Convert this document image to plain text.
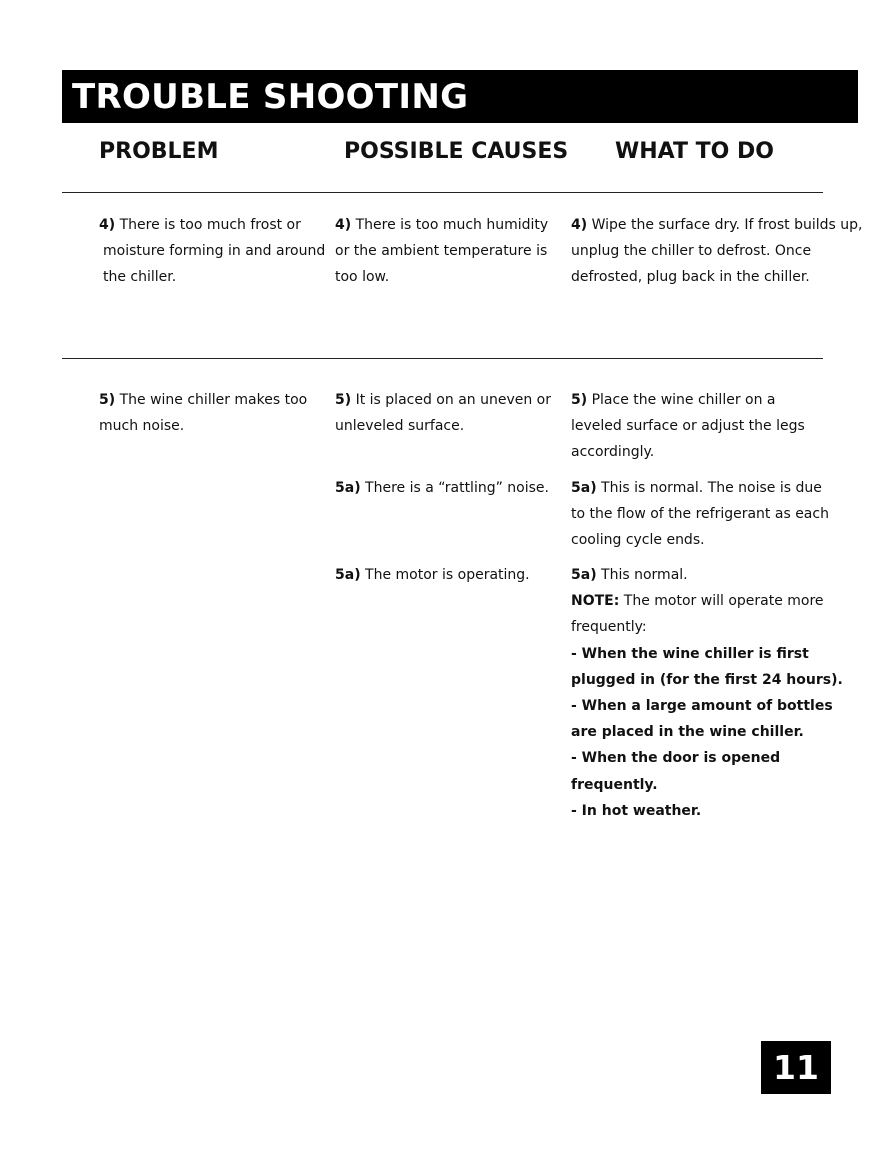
TROUBLE SHOOTING
PROBLEM	POSSIBLE CAUSES WHAT TO DO
4) There is too much frost or
moisture forming in and around
the chiller.
4) There is too much humidity
or the ambient temperature is
too low.
4) Wipe the surface dry. If frost builds up,
unplug the chiller to defrost. Once
defrosted, plug back in the chiller.
5) The wine chiller makes too
much noise.
5) It is placed on an uneven or
unleveled surface.
5) Place the wine chiller on a
leveled surface or adjust the legs
accordingly.
5a) There is a “rattling” noise. 5a) This is normal. The noise is due
to the flow of the refrigerant as each
cooling cycle ends.
5a) The motor is operating.	5a) This normal.
NOTE: The motor will operate more
frequently:
- When the wine chiller is first
plugged in (for the first 24 hours).
- When a large amount of bottles
are placed in the wine chiller.
- When the door is opened
frequently.
- In hot weather.
11
